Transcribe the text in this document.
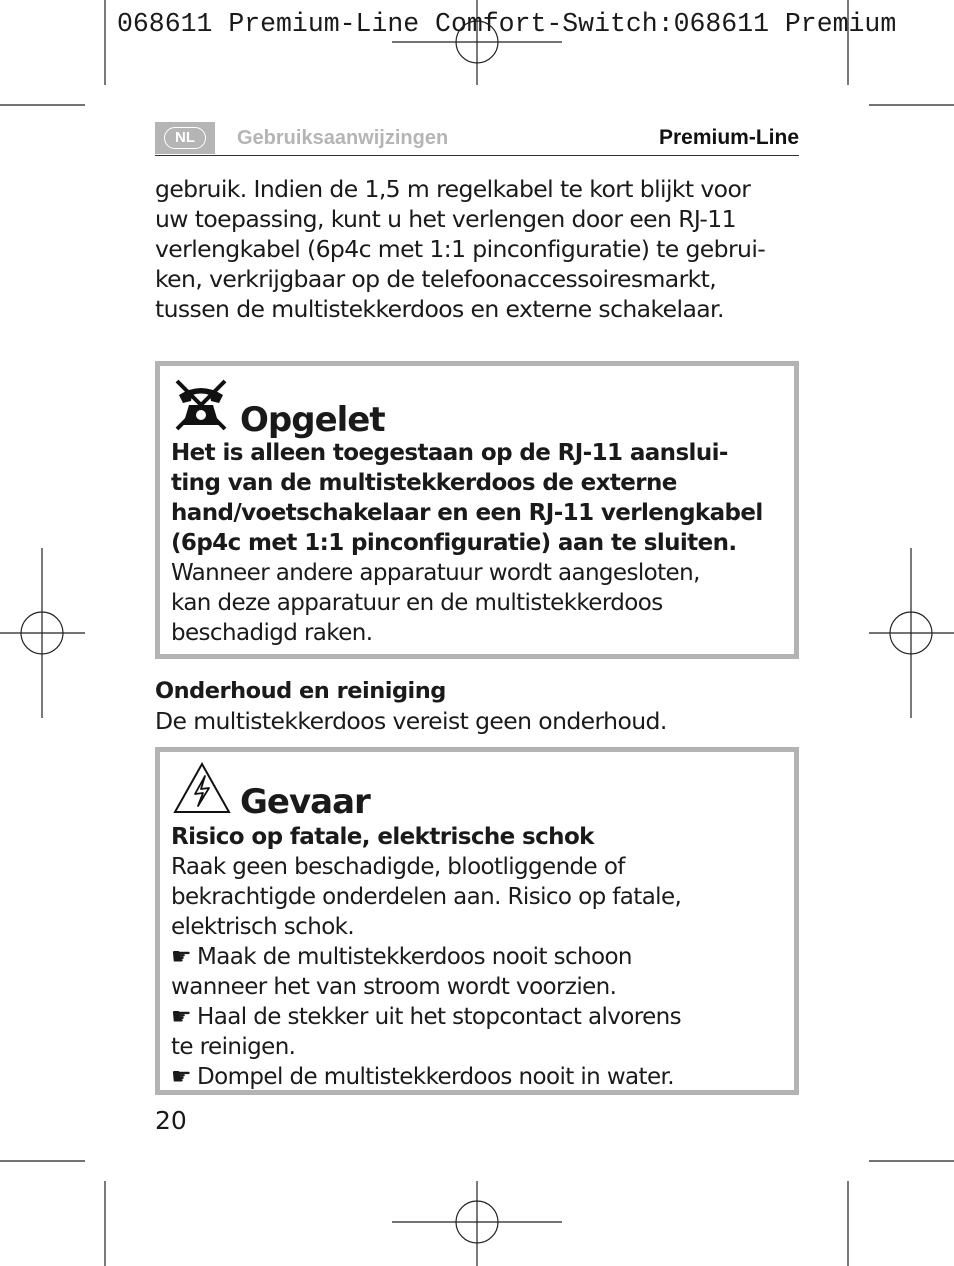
068611 Premium-Line Comfort-Switch:068611 Premium
NL	Gebruiksaanwijzingen	Premium-Line
gebruik. Indien de 1,5 m regelkabel te kort blijkt voor
uw toepassing, kunt u het verlengen door een RJ-11
verlengkabel (6p4c met 1:1 pinconfiguratie) te gebrui-
ken, verkrijgbaar op de telefoonaccessoiresmarkt,
tussen de multistekkerdoos en externe schakelaar.
Opgelet
Het is alleen toegestaan op de RJ-11 aanslui-
ting van de multistekkerdoos de externe
hand/voetschakelaar en een RJ-11 verlengkabel
(6p4c met 1:1 pinconfiguratie) aan te sluiten.
Wanneer andere apparatuur wordt aangesloten,
kan deze apparatuur en de multistekkerdoos
beschadigd raken.
Onderhoud en reiniging
De multistekkerdoos vereist geen onderhoud.
Gevaar
Risico op fatale, elektrische schok
Raak geen beschadigde, blootliggende of
bekrachtigde onderdelen aan. Risico op fatale,
elektrisch schok.
☛ Maak de multistekkerdoos nooit schoon
wanneer het van stroom wordt voorzien.
☛ Haal de stekker uit het stopcontact alvorens
te reinigen.
☛ Dompel de multistekkerdoos nooit in water.
20
